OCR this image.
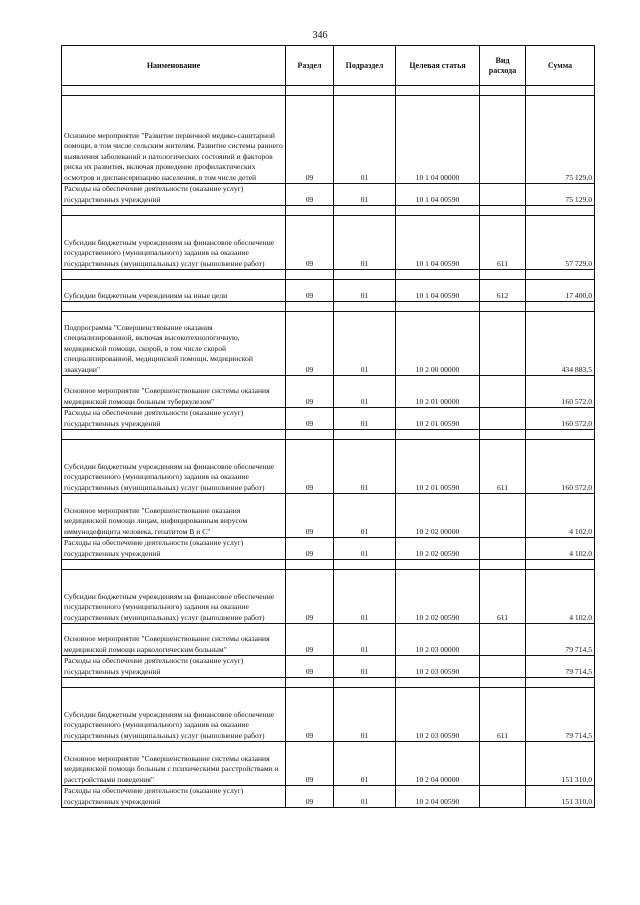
346
Наименование	Раздел	Подраздел	Целевая статья	Вид расхода	Сумма

Основное мероприятие "Развитие первичной медико-санитарной помощи, в том числе сельским жителям. Развитие системы раннего выявления заболеваний и патологических состояний и факторов риска их развития, включая проведение профилактических осмотров и диспансеризацию населения, в том числе детей	09	01	10 1 04 00000		75 129,0
Расходы на обеспечение деятельности (оказание услуг) государственных учреждений	09	01	10 1 04 00590		75 129,0

Субсидии бюджетным учреждениям на финансовое обеспечение государственного (муниципального) задания на оказание государственных (муниципальных) услуг (выполнение работ)	09	01	10 1 04 00590	611	57 729,0

Субсидии бюджетным учреждениям на иные цели	09	01	10 1 04 00590	612	17 400,0

Подпрограмма "Совершенствование оказания специализированной, включая высокотехнологичную, медицинской помощи, скорой, в том числе скорой специализированной, медицинской помощи, медицинской эвакуации"	09	01	10 2 00 00000		434 883,5
Основное мероприятие "Совершенствование системы оказания медицинской помощи больным туберкулезом"	09	01	10 2 01 00000		160 572,0
Расходы на обеспечение деятельности (оказание услуг) государственных учреждений	09	01	10 2 01 00590		160 572,0

Субсидии бюджетным учреждениям на финансовое обеспечение государственного (муниципального) задания на оказание государственных (муниципальных) услуг (выполнение работ)	09	01	10 2 01 00590	611	160 572,0
Основное мероприятие "Совершенствование оказания медицинской помощи лицам, инфицированным вирусом иммунодефицита человека, гепатитом В и С"	09	01	10 2 02 00000		4 102,0
Расходы на обеспечение деятельности (оказание услуг) государственных учреждений	09	01	10 2 02 00590		4 102,0

Субсидии бюджетным учреждениям на финансовое обеспечение государственного (муниципального) задания на оказание государственных (муниципальных) услуг (выполнение работ)	09	01	10 2 02 00590	611	4 102,0
Основное мероприятие "Совершенствование системы оказания медицинской помощи наркологическим больным"	09	01	10 2 03 00000		79 714,5
Расходы на обеспечение деятельности (оказание услуг) государственных учреждений	09	01	10 2 03 00590		79 714,5

Субсидии бюджетным учреждениям на финансовое обеспечение государственного (муниципального) задания на оказание государственных (муниципальных) услуг (выполнение работ)	09	01	10 2 03 00590	611	79 714,5
Основное мероприятие "Совершенствование системы оказания медицинской помощи больным с психическими расстройствами и расстройствами поведения"	09	01	10 2 04 00000		151 310,0
Расходы на обеспечение деятельности (оказание услуг) государственных учреждений	09	01	10 2 04 00590		151 310,0
